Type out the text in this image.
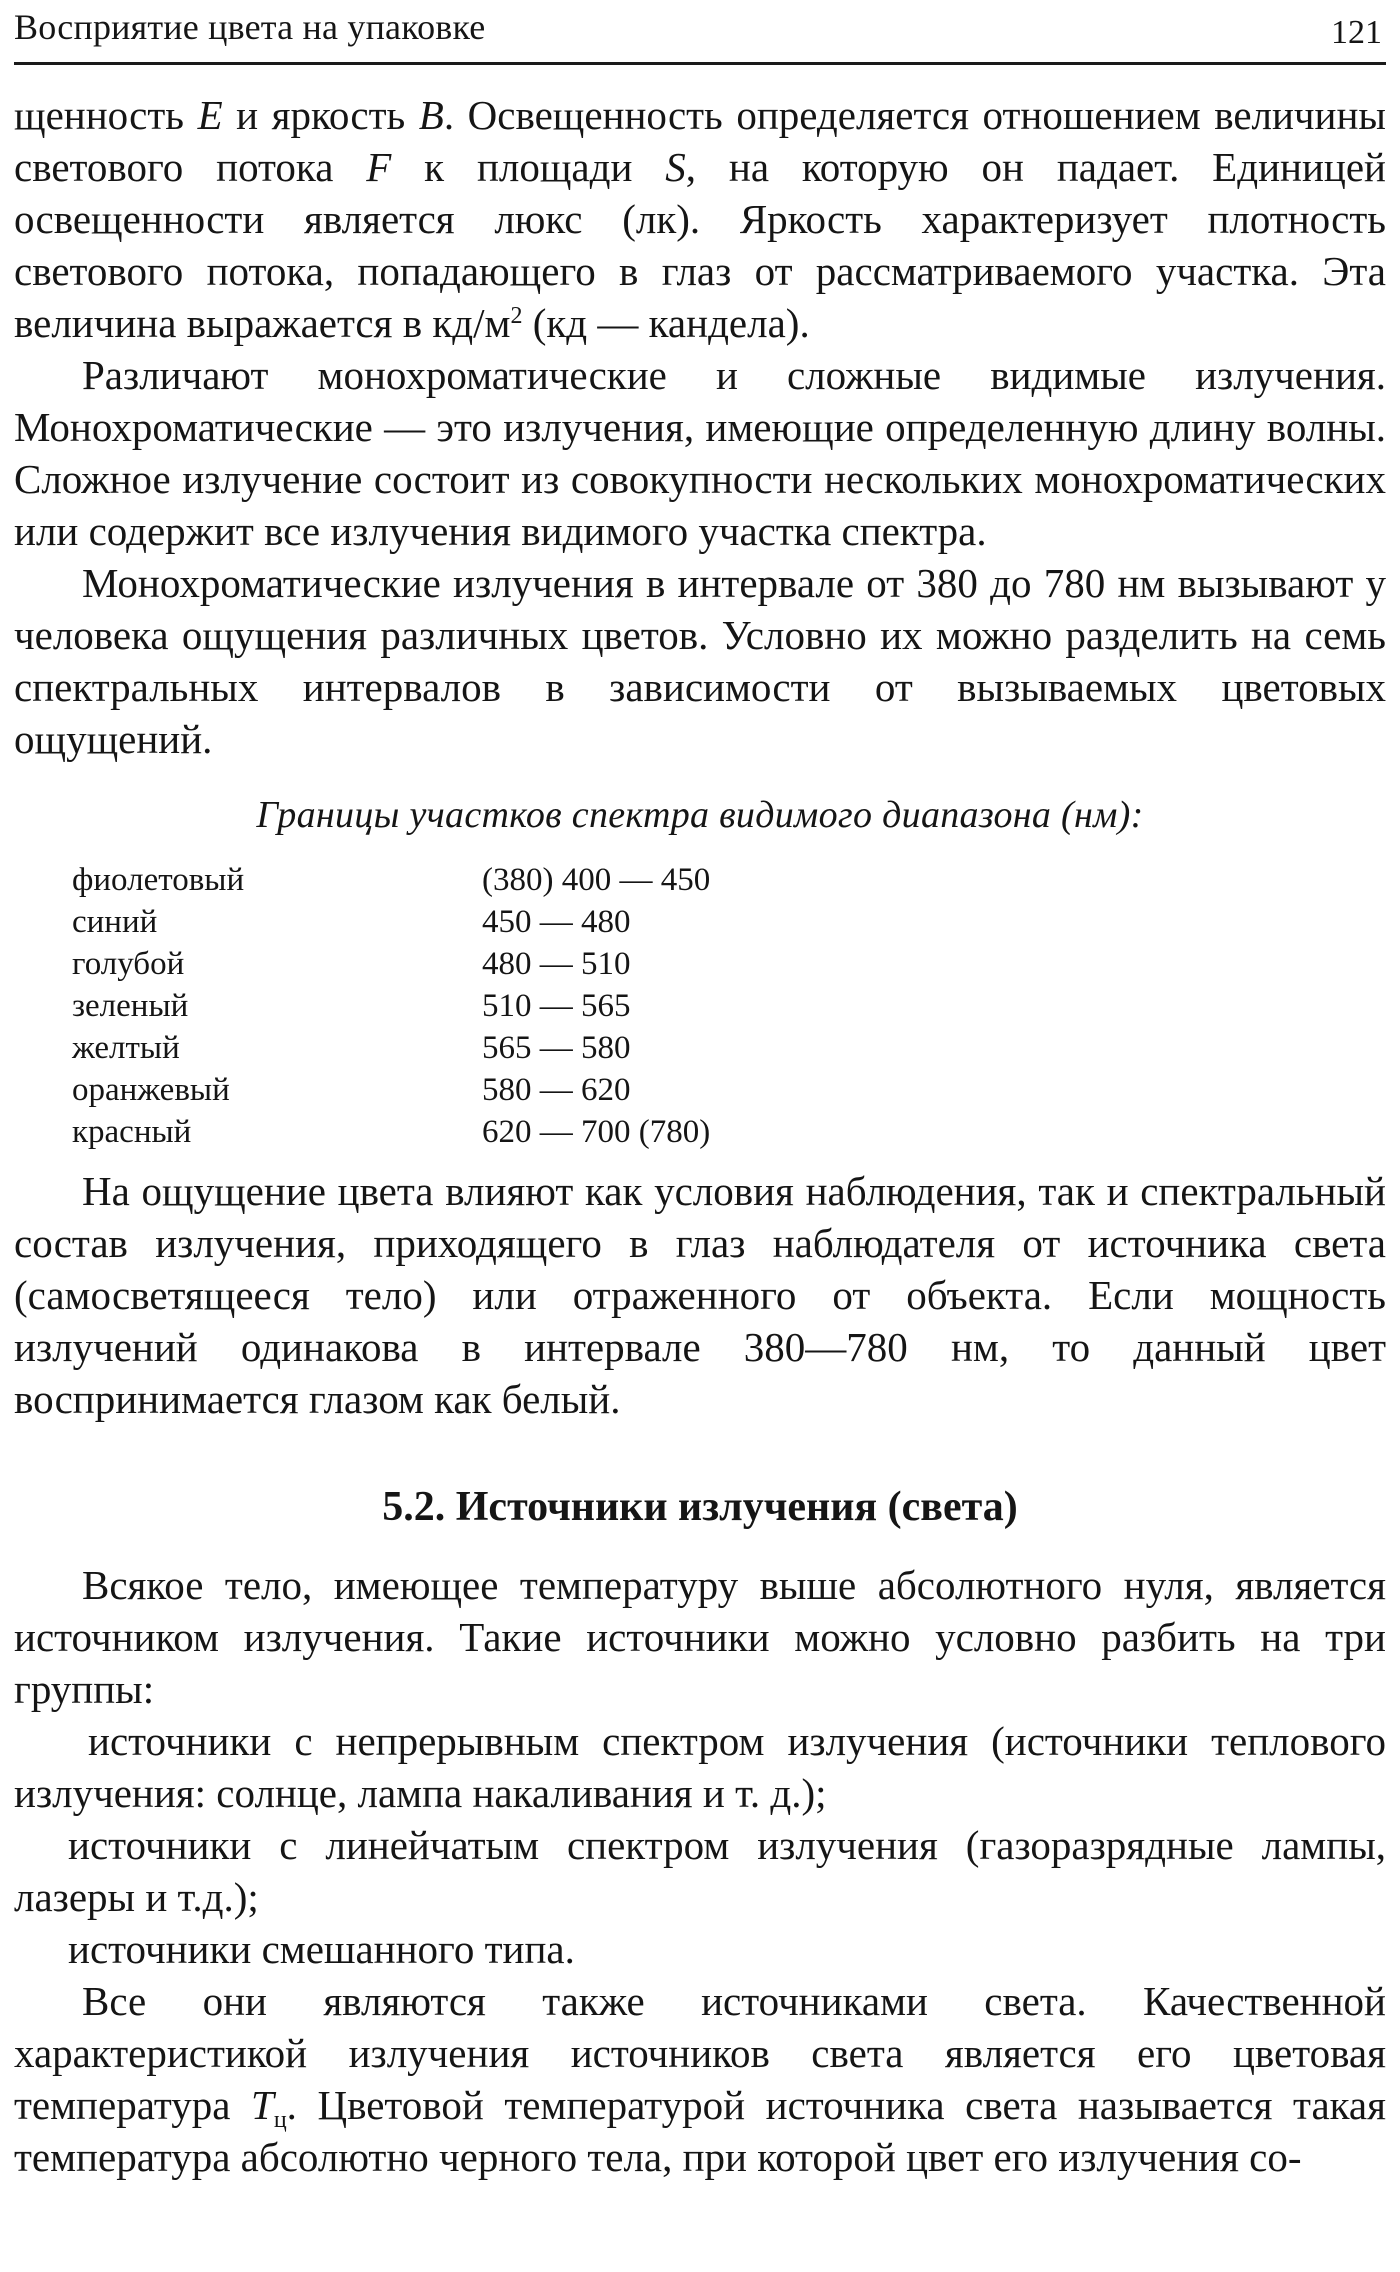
Восприятие цвета на упаковке	121

щенность E и яркость B. Освещенность определяется отношением величины светового потока F к площади S, на которую он падает. Единицей освещенности является люкс (лк). Яркость характеризует плотность светового потока, попадающего в глаз от рассматриваемого участка. Эта величина выражается в $кд/м^2$ (кд — кандела).

Различают монохроматические и сложные видимые излучения. Монохроматические — это излучения, имеющие определенную длину волны. Сложное излучение состоит из совокупности нескольких монохроматических или содержит все излучения видимого участка спектра.

Монохроматические излучения в интервале от 380 до 780 нм вызывают у человека ощущения различных цветов. Условно их можно разделить на семь спектральных интервалов в зависимости от вызываемых цветовых ощущений.

Границы участков спектра видимого диапазона (нм):
фиолетовый	(380) 400 — 450
синий	450 — 480
голубой	480 — 510
зеленый	510 — 565
желтый	565 — 580
оранжевый	580 — 620
красный	620 — 700 (780)

На ощущение цвета влияют как условия наблюдения, так и спектральный состав излучения, приходящего в глаз наблюдателя от источника света (самосветящееся тело) или отраженного от объекта. Если мощность излучений одинакова в интервале 380—780 нм, то данный цвет воспринимается глазом как белый.

5.2. Источники излучения (света)

Всякое тело, имеющее температуру выше абсолютного нуля, является источником излучения. Такие источники можно условно разбить на три группы:

источники с непрерывным спектром излучения (источники теплового излучения: солнце, лампа накаливания и т. д.);

источники с линейчатым спектром излучения (газоразрядные лампы, лазеры и т.д.);

источники смешанного типа.

Все они являются также источниками света. Качественной характеристикой излучения источников света является его цветовая температура $T_ц$. Цветовой температурой источника света называется такая температура абсолютно черного тела, при которой цвет его излучения со-
